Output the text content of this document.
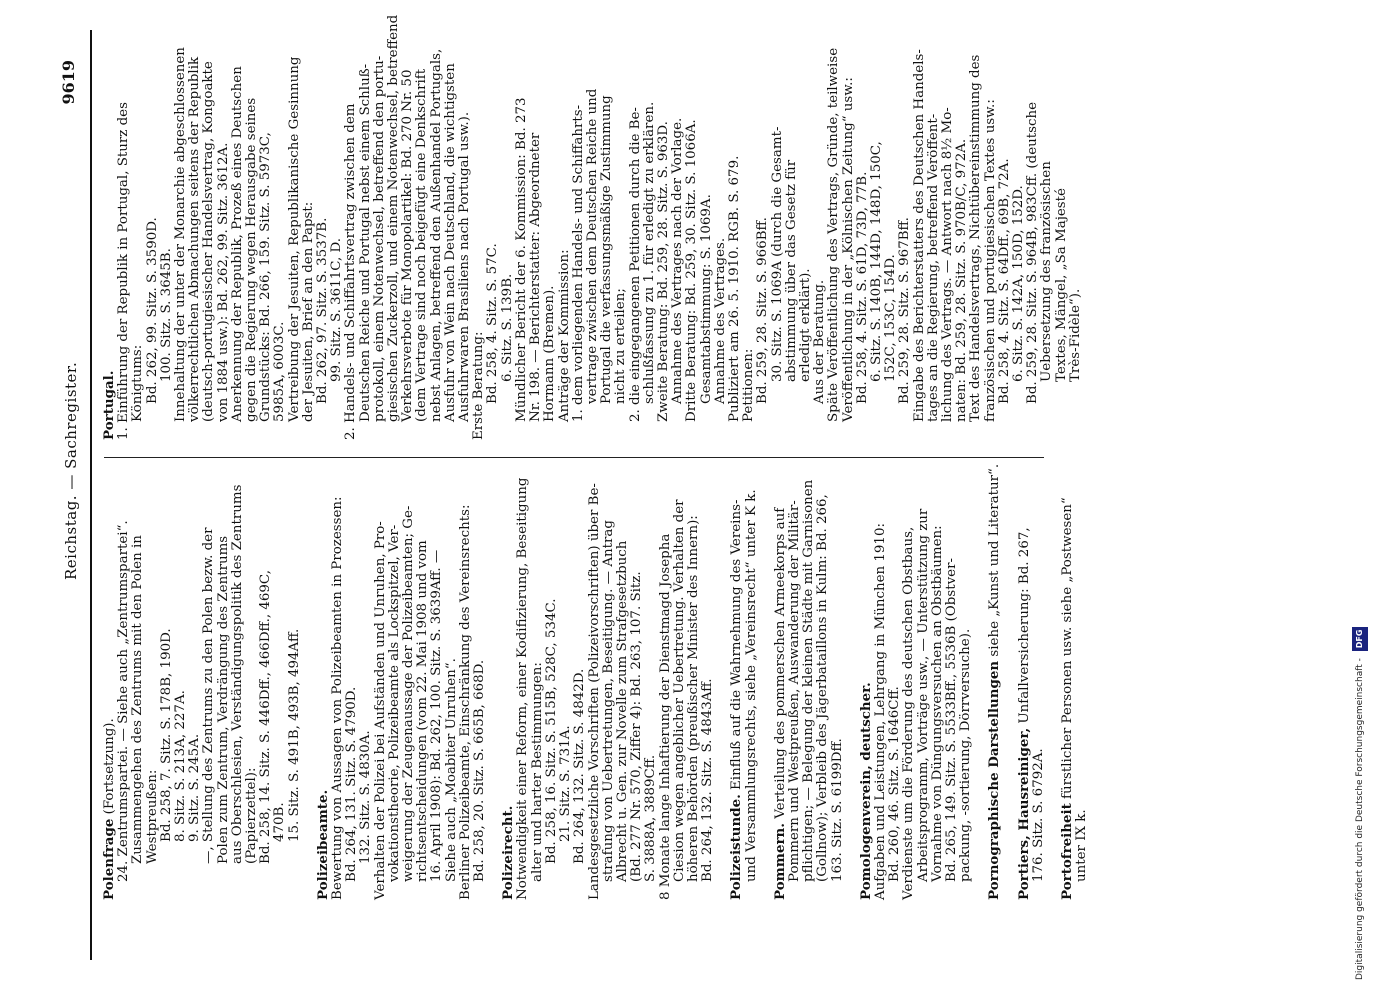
Reichstag. — Sachregister.
9619
Polenfrage (Fortsetzung). 24. Zentrumspartei. — Siehe auch „Zentrumspartei“. Zusammengehen des Zentrums mit den Polen in Westpreußen: Bd. 258, 7. Sitz. S. 178B, 190D. 8. Sitz. S. 213A, 227A. 9. Sitz. S. 245A. —, Stellung des Zentrums zu den Polen bezw. der Polen zum Zentrum, Verdrängung des Zentrums aus Oberschlesien, Verständigungspolitik des Zentrums (Papierzettel): Bd. 258, 14. Sitz. S. 446Dff., 466Dff., 469C, 470B. 15. Sitz. S. 491B, 493B, 494Aff.
Polizeibeamte. Bewertung von Aussagen von Polizeibeamten in Prozessen: Bd. 264, 131. Sitz. S. 4790D. 132. Sitz. S. 4830A. Verhalten der Polizei bei Aufständen und Unruhen, Pro- vokationstheorie, Polizeibeamte als Lockspitzel, Ver- weigerung der Zeugenaussage der Polizeibeamten; Ge- richtsentscheidungen (vom 22. Mai 1908 und vom 16. April 1908): Bd. 262, 100. Sitz. S. 3639Aff. — Siehe auch „Moabiter Unruhen“. Berliner Polizeibeamte, Einschränkung des Vereinsrechts: Bd. 258, 20. Sitz. S. 665B, 668D. Polizeirecht. Notwendigkeit einer Reform, einer Kodifizierung, Beseitigung alter und harter Bestimmungen: Bd. 258, 16. Sitz. S. 515B, 528C, 534C. 21. Sitz. S. 731A. Bd. 264, 132. Sitz. S. 4842D. Landesgesetzliche Vorschriften (Polizeivorschriften) über Be- strafung von Uebertretungen, Beseitigung. — Antrag Albrecht u. Gen. zur Novelle zum Strafgesetzbuch (Bd. 277 Nr. 570, Ziffer 4): Bd. 263, 107. Sitz. S. 3888A, 3889Cff. 8 Monate lange Inhaftierung der Dienstmagd Josepha Ciesion wegen angeblicher Uebertretung. Verhalten der höheren Behörden (preußischer Minister des Innern): Bd. 264, 132. Sitz. S. 4843Aff. Polizeistunde. Einfluß auf die Wahrnehmung des Vereins- und Versammlungsrechts, siehe „Vereinsrecht“ unter K k. Pommern. Verteilung des pommerschen Armeekorps auf Pommern und Westpreußen, Auswanderung der Militär- pflichtigen; — Belegung der kleinen Städte mit Garnisonen (Gollnow); Verbleib des Jägerbataillons in Kulm: Bd. 266, 163. Sitz. S. 6199Dff. Pomologenverein, deutscher. Aufgaben und Leistungen, Lehrgang in München 1910: Bd. 260, 46. Sitz. S. 1646Cff. Verdienste um die Förderung des deutschen Obstbaus, Arbeitsprogramm, Vorträge usw., — Unterstützung zur Vornahme von Düngungsversuchen an Obstbäumen: Bd. 265, 149. Sitz. S. 5533Bff., 5536B (Obstver- packung, -sortierung, Dörrversuche). Pornographische Darstellungen siehe „Kunst und Literatur“.
Portiers, Hausreiniger, Unfallversicherung: Bd. 267,
176. Sitz. S. 6792A. Portofreiheit fürstlicher Personen usw. siehe „Postwesen“
unter IX k.
Portugal. 1. Einführung der Republik in Portugal, Sturz des Königtums: Bd. 262, 99. Sitz. S. 3590D. 100. Sitz. S. 3645B. Innehaltung der unter der Monarchie abgeschlossenen völkerrechtlichen Abmachungen seitens der Republik (deutsch-portugiesischer Handelsvertrag, Kongoakte von 1884 usw.): Bd. 262, 99. Sitz. 3612A. Anerkennung der Republik, Prozeß eines Deutschen gegen die Regierung wegen Herausgabe seines Grundstücks: Bd. 266, 159. Sitz. S. 5973C, 5985A, 6003C. Vertreibung der Jesuiten, Republikanische Gesinnung der Jesuiten, Brief an den Papst: Bd. 262, 97. Sitz. S. 3537B. 99. Sitz. S. 3611C, D. 2. Handels- und Schiffahrtsvertrag zwischen dem Deutschen Reiche und Portugal nebst einem Schluß- protokoll, einem Notenwechsel, betreffend den portu- giesischen Zuckerzoll, und einem Notenwechsel, betreffend Verkehrsverbote für Monopolartikel: Bd. 270 Nr. 50 (dem Vertrage sind noch beigefügt eine Denkschrift nebst Anlagen, betreffend den Außenhandel Portugals, Ausfuhr von Wein nach Deutschland, die wichtigsten Ausfuhrwaren Brasiliens nach Portugal usw.). Erste Beratung: Bd. 258, 4. Sitz. S. 57C. 6. Sitz. S. 139B. Mündlicher Bericht der 6. Kommission: Bd. 273 Nr. 198. — Berichterstatter: Abgeordneter Hormann (Bremen). Anträge der Kommission: 1. dem vorliegenden Handels- und Schiffahrts- vertrage zwischen dem Deutschen Reiche und Portugal die verfassungsmäßige Zustimmung nicht zu erteilen; 2. die eingegangenen Petitionen durch die Be- schlußfassung zu 1. für erledigt zu erklären. Zweite Beratung: Bd. 259, 28. Sitz. S. 963D. Annahme des Vertrages nach der Vorlage. Dritte Beratung: Bd. 259, 30. Sitz. S. 1066A. Gesamtabstimmung: S. 1069A. Annahme des Vertrages. Publiziert am 26. 5. 1910. RGB. S. 679. Petitionen: Bd. 259, 28. Sitz. S. 966Bff. 30. Sitz. S. 1069A (durch die Gesamt- abstimmung über das Gesetz für erledigt erklärt). Aus der Beratung. Späte Veröffentlichung des Vertrags, Gründe, teilweise Veröffentlichung in der „Kölnischen Zeitung“ usw.: Bd. 258, 4. Sitz. S. 61D, 73D, 77B. 6. Sitz. S. 140B, 144D, 148D, 150C, 152C, 153C, 154D. Bd. 259, 28. Sitz. S. 967Bff. Eingabe des Berichterstatters des Deutschen Handels- tages an die Regierung, betreffend Veröffent- lichung des Vertrags. — Antwort nach 8½ Mo- naten: Bd. 259, 28. Sitz. S. 970B/C, 972A. Text des Handelsvertrags, Nichtübereinstimmung des französischen und portugiesischen Textes usw.: Bd. 258, 4. Sitz. S. 64Dff., 69B, 72A. 6. Sitz. S. 142A, 150D, 152D. Bd. 259, 28. Sitz. S. 964B, 983Cff. (deutsche Uebersetzung des französischen Textes, Mängel, „Sa Majesté Très-Fidèle“).
Digitalisierung gefördert durch die Deutsche Forschungsgemeinschaft - DFG
